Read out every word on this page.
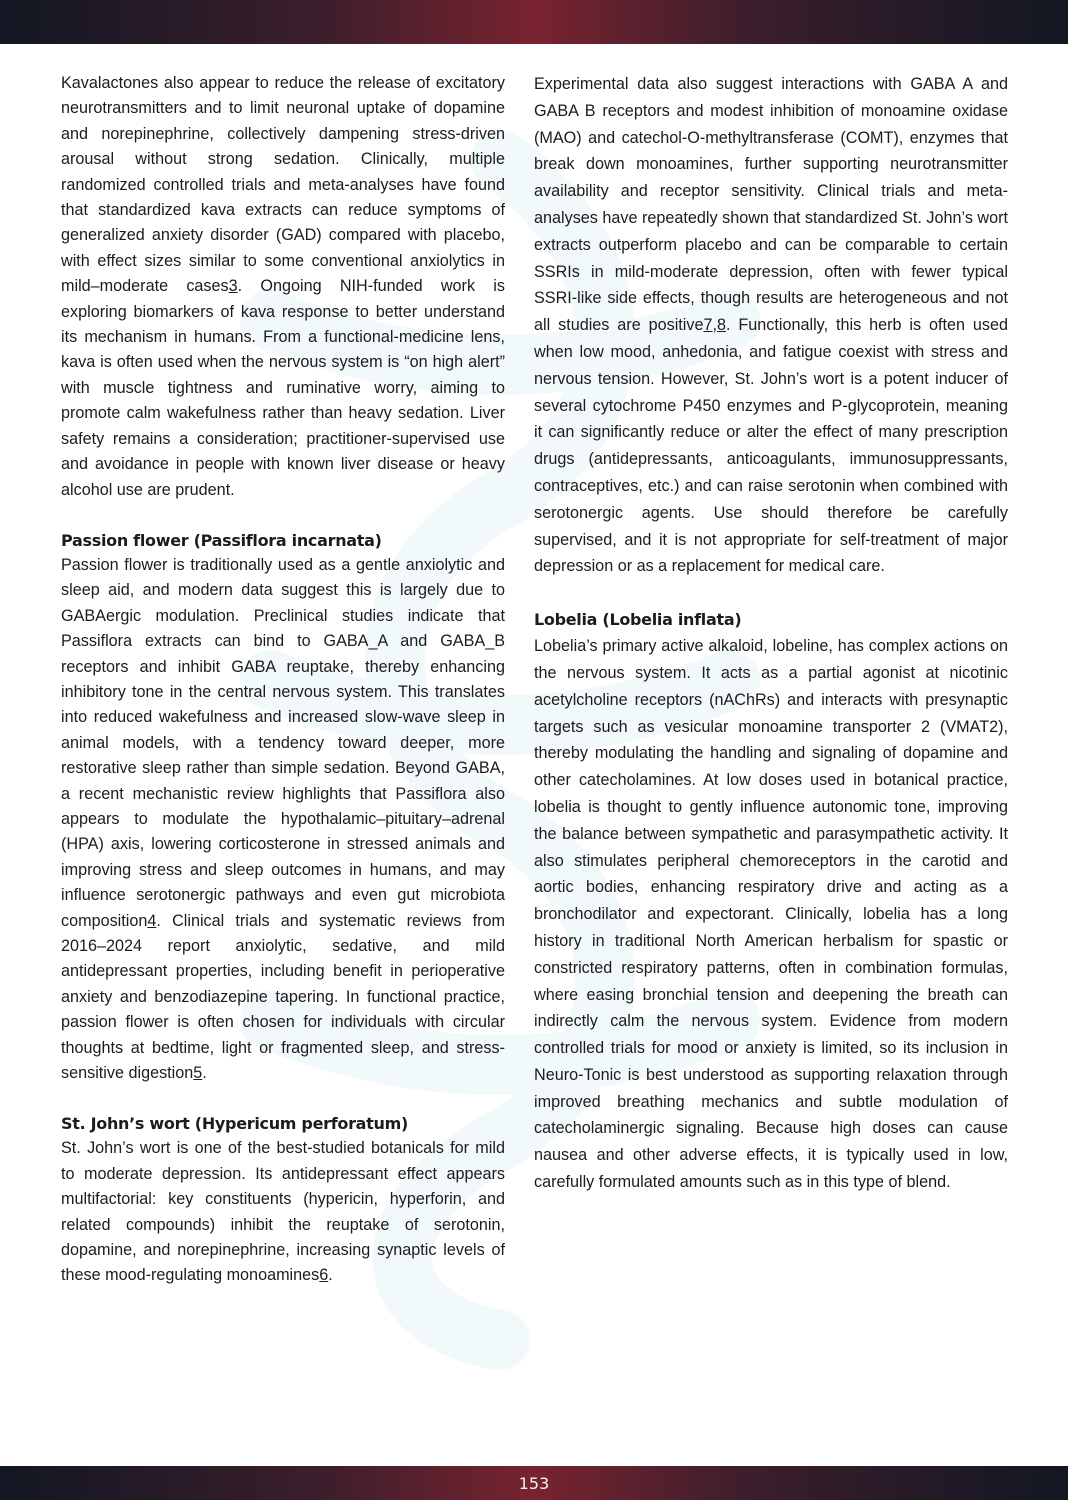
Kavalactones also appear to reduce the release of excitatory neurotransmitters and to limit neuronal uptake of dopamine and norepinephrine, collectively dampening stress-driven arousal without strong sedation. Clinically, multiple randomized controlled trials and meta-analyses have found that standardized kava extracts can reduce symptoms of generalized anxiety disorder (GAD) compared with placebo, with effect sizes similar to some conventional anxiolytics in mild–moderate cases3. Ongoing NIH-funded work is exploring biomarkers of kava response to better understand its mechanism in humans. From a functional-medicine lens, kava is often used when the nervous system is “on high alert” with muscle tightness and ruminative worry, aiming to promote calm wakefulness rather than heavy sedation. Liver safety remains a consideration; practitioner-supervised use and avoidance in people with known liver disease or heavy alcohol use are prudent.

Passion flower (Passiflora incarnata)

Passion flower is traditionally used as a gentle anxiolytic and sleep aid, and modern data suggest this is largely due to GABAergic modulation. Preclinical studies indicate that Passiflora extracts can bind to GABA_A and GABA_B receptors and inhibit GABA reuptake, thereby enhancing inhibitory tone in the central nervous system. This translates into reduced wakefulness and increased slow-wave sleep in animal models, with a tendency toward deeper, more restorative sleep rather than simple sedation. Beyond GABA, a recent mechanistic review highlights that Passiflora also appears to modulate the hypothalamic–pituitary–adrenal (HPA) axis, lowering corticosterone in stressed animals and improving stress and sleep outcomes in humans, and may influence serotonergic pathways and even gut microbiota composition4. Clinical trials and systematic reviews from 2016–2024 report anxiolytic, sedative, and mild antidepressant properties, including benefit in perioperative anxiety and benzodiazepine tapering. In functional practice, passion flower is often chosen for individuals with circular thoughts at bedtime, light or fragmented sleep, and stress-sensitive digestion5.

St. John’s wort (Hypericum perforatum)

St. John’s wort is one of the best-studied botanicals for mild to moderate depression. Its antidepressant effect appears multifactorial: key constituents (hypericin, hyperforin, and related compounds) inhibit the reuptake of serotonin, dopamine, and norepinephrine, increasing synaptic levels of these mood-regulating monoamines6.

Experimental data also suggest interactions with GABA A and GABA B receptors and modest inhibition of monoamine oxidase (MAO) and catechol-O-methyltransferase (COMT), enzymes that break down monoamines, further supporting neurotransmitter availability and receptor sensitivity. Clinical trials and meta-analyses have repeatedly shown that standardized St. John’s wort extracts outperform placebo and can be comparable to certain SSRIs in mild-moderate depression, often with fewer typical SSRI-like side effects, though results are heterogeneous and not all studies are positive7,8. Functionally, this herb is often used when low mood, anhedonia, and fatigue coexist with stress and nervous tension. However, St. John’s wort is a potent inducer of several cytochrome P450 enzymes and P-glycoprotein, meaning it can significantly reduce or alter the effect of many prescription drugs (antidepressants, anticoagulants, immunosuppressants, contraceptives, etc.) and can raise serotonin when combined with serotonergic agents. Use should therefore be carefully supervised, and it is not appropriate for self-treatment of major depression or as a replacement for medical care.

Lobelia (Lobelia inflata)

Lobelia’s primary active alkaloid, lobeline, has complex actions on the nervous system. It acts as a partial agonist at nicotinic acetylcholine receptors (nAChRs) and interacts with presynaptic targets such as vesicular monoamine transporter 2 (VMAT2), thereby modulating the handling and signaling of dopamine and other catecholamines. At low doses used in botanical practice, lobelia is thought to gently influence autonomic tone, improving the balance between sympathetic and parasympathetic activity. It also stimulates peripheral chemoreceptors in the carotid and aortic bodies, enhancing respiratory drive and acting as a bronchodilator and expectorant. Clinically, lobelia has a long history in traditional North American herbalism for spastic or constricted respiratory patterns, often in combination formulas, where easing bronchial tension and deepening the breath can indirectly calm the nervous system. Evidence from modern controlled trials for mood or anxiety is limited, so its inclusion in Neuro-Tonic is best understood as supporting relaxation through improved breathing mechanics and subtle modulation of catecholaminergic signaling. Because high doses can cause nausea and other adverse effects, it is typically used in low, carefully formulated amounts such as in this type of blend.

153
